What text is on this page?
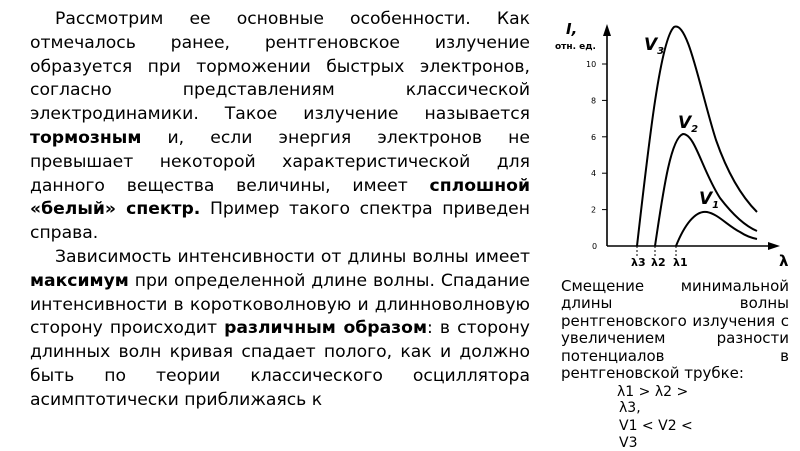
Рассмотрим ее основные особенности. Как отмечалось ранее, рентгеновское излучение образуется при торможении быстрых электронов, согласно представлениям классической электродинамики. Такое излучение называется тормозным и, если энергия электронов не превышает некоторой характеристической для данного вещества величины, имеет сплошной «белый» спектр. Пример такого спектра приведен справа.

Зависимость интенсивности от длины волны имеет максимум при определенной длине волны. Спадание интенсивности в коротковолновую и длинноволновую сторону происходит различным образом: в сторону длинных волн кривая спадает полого, как и должно быть по теории классического осциллятора асимптотически приближаясь к

2
4
6
8
10
0
I,
отн. ед.
λ
λ3 λ2 λ1
$V_3$
$V_2$
$V_1$
Смещение минимальной длины волны рентгеновского излучения с увеличением разности потенциалов в рентгеновской трубке:
λ1 > λ2 >
λ3,
V1 < V2 <
V3
